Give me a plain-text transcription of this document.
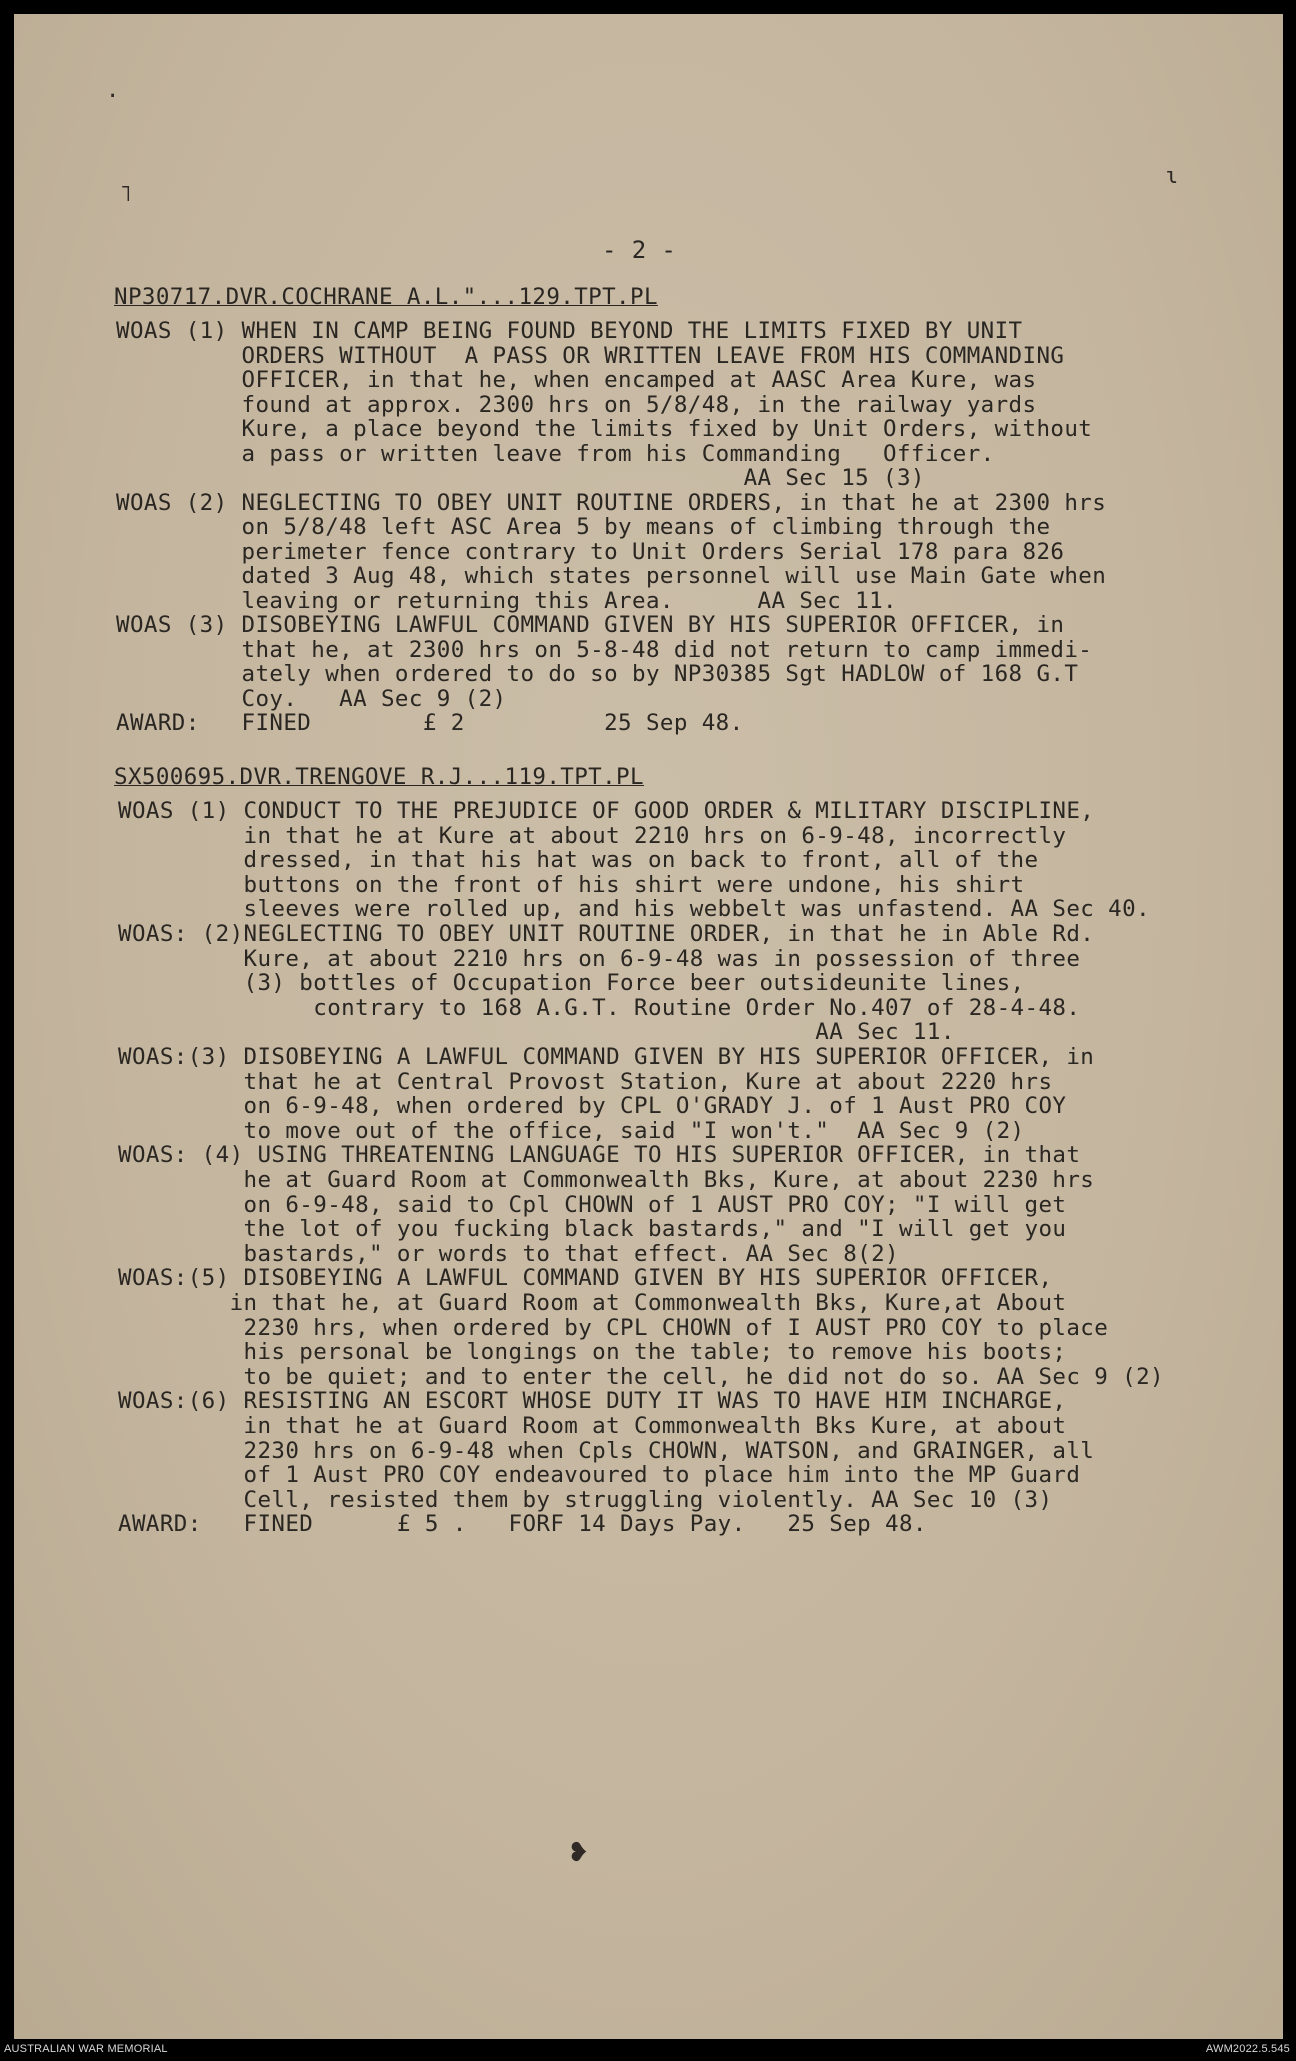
- 2 -
·
˥
ɩ
❥
NP30717.DVR.COCHRANE A.L."...129.TPT.PL
WOAS (1) WHEN IN CAMP BEING FOUND BEYOND THE LIMITS FIXED BY UNIT
ORDERS WITHOUT  A PASS OR WRITTEN LEAVE FROM HIS COMMANDING
OFFICER, in that he, when encamped at AASC Area Kure, was
found at approx. 2300 hrs on 5/8/48, in the railway yards
Kure, a place beyond the limits fixed by Unit Orders, without
a pass or written leave from his Commanding   Officer.
AA Sec 15 (3)
WOAS (2) NEGLECTING TO OBEY UNIT ROUTINE ORDERS, in that he at 2300 hrs
on 5/8/48 left ASC Area 5 by means of climbing through the
perimeter fence contrary to Unit Orders Serial 178 para 826
dated 3 Aug 48, which states personnel will use Main Gate when
leaving or returning this Area.      AA Sec 11.
WOAS (3) DISOBEYING LAWFUL COMMAND GIVEN BY HIS SUPERIOR OFFICER, in
that he, at 2300 hrs on 5-8-48 did not return to camp immedi-
ately when ordered to do so by NP30385 Sgt HADLOW of 168 G.T
Coy.   AA Sec 9 (2)
AWARD:   FINED        £ 2          25 Sep 48.
SX500695.DVR.TRENGOVE R.J...119.TPT.PL
WOAS (1) CONDUCT TO THE PREJUDICE OF GOOD ORDER & MILITARY DISCIPLINE,
in that he at Kure at about 2210 hrs on 6-9-48, incorrectly
dressed, in that his hat was on back to front, all of the
buttons on the front of his shirt were undone, his shirt
sleeves were rolled up, and his webbelt was unfastend. AA Sec 40.
WOAS: (2)NEGLECTING TO OBEY UNIT ROUTINE ORDER, in that he in Able Rd.
Kure, at about 2210 hrs on 6-9-48 was in possession of three
(3) bottles of Occupation Force beer outsideunite lines,
contrary to 168 A.G.T. Routine Order No.407 of 28-4-48.
AA Sec 11.
WOAS:(3) DISOBEYING A LAWFUL COMMAND GIVEN BY HIS SUPERIOR OFFICER, in
that he at Central Provost Station, Kure at about 2220 hrs
on 6-9-48, when ordered by CPL O'GRADY J. of 1 Aust PRO COY
to move out of the office, said "I won't."  AA Sec 9 (2)
WOAS: (4) USING THREATENING LANGUAGE TO HIS SUPERIOR OFFICER, in that
he at Guard Room at Commonwealth Bks, Kure, at about 2230 hrs
on 6-9-48, said to Cpl CHOWN of 1 AUST PRO COY; "I will get
the lot of you fucking black bastards," and "I will get you
bastards," or words to that effect. AA Sec 8(2)
WOAS:(5) DISOBEYING A LAWFUL COMMAND GIVEN BY HIS SUPERIOR OFFICER,
in that he, at Guard Room at Commonwealth Bks, Kure,at About
2230 hrs, when ordered by CPL CHOWN of I AUST PRO COY to place
his personal be longings on the table; to remove his boots;
to be quiet; and to enter the cell, he did not do so. AA Sec 9 (2)
WOAS:(6) RESISTING AN ESCORT WHOSE DUTY IT WAS TO HAVE HIM INCHARGE,
in that he at Guard Room at Commonwealth Bks Kure, at about
2230 hrs on 6-9-48 when Cpls CHOWN, WATSON, and GRAINGER, all
of 1 Aust PRO COY endeavoured to place him into the MP Guard
Cell, resisted them by struggling violently. AA Sec 10 (3)
AWARD:   FINED      £ 5 .   FORF 14 Days Pay.   25 Sep 48.
AUSTRALIAN WAR MEMORIAL	AWM2022.5.545
